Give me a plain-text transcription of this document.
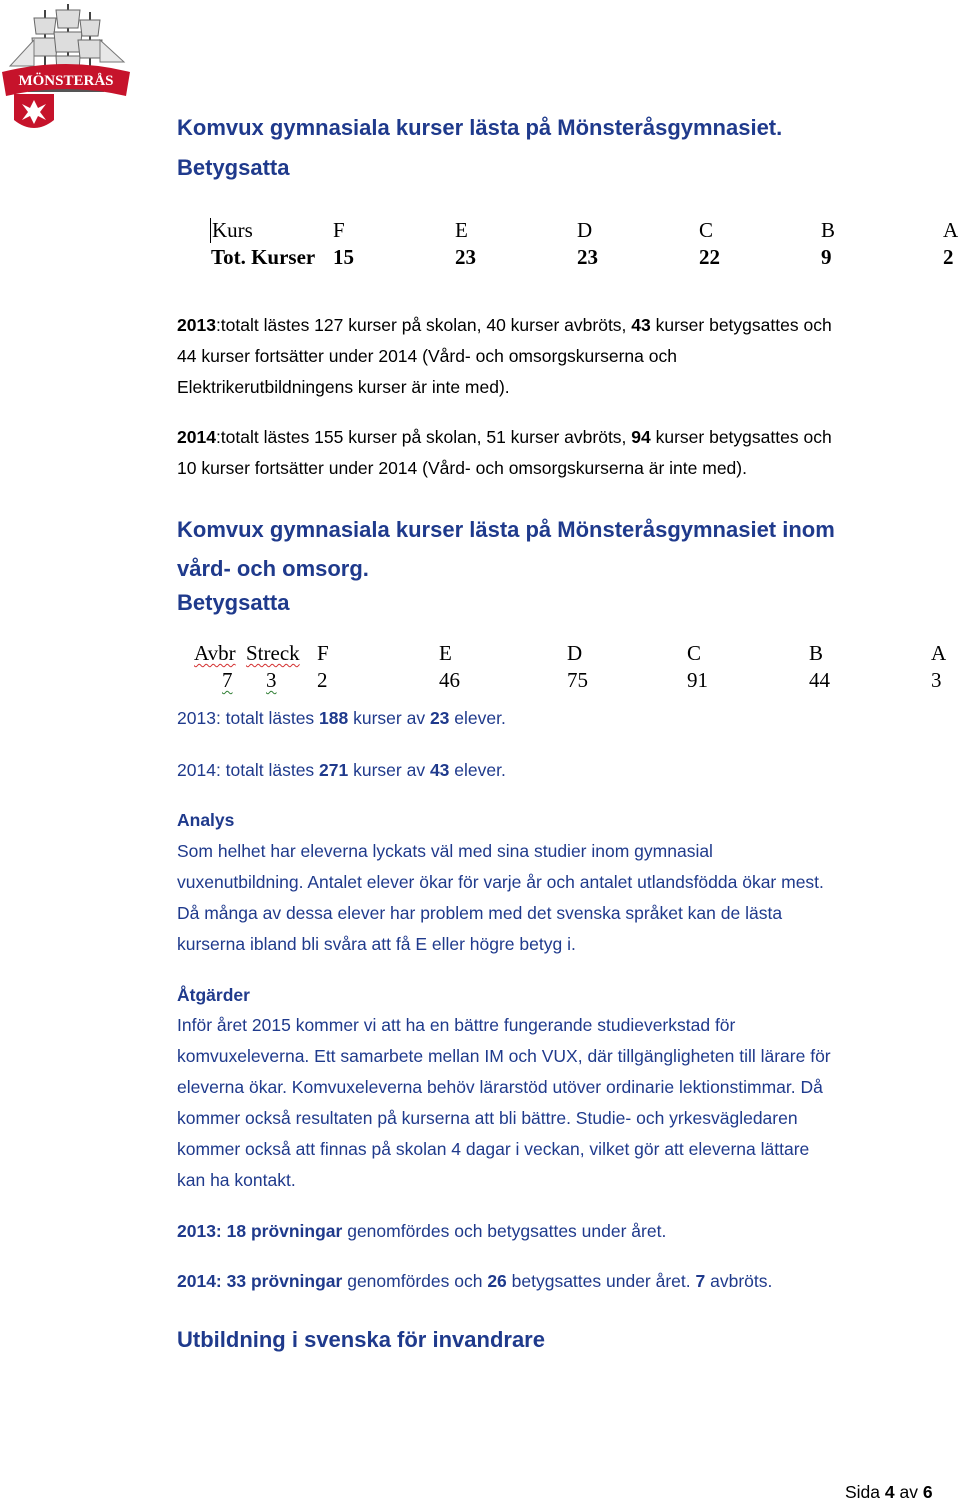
MÖNSTERÅS
Komvux gymnasiala kurser lästa på Mönsteråsgymnasiet.
Betygsatta
Kurs	F	E	D	C	B	A
Tot. Kurser 15	23	23	22	9	2
2013:totalt lästes 127 kurser på skolan, 40 kurser avbröts, 43 kurser betygsattes och
44 kurser fortsätter under 2014 (Vård- och omsorgskurserna och
Elektrikerutbildningens kurser är inte med).
2014:totalt lästes 155 kurser på skolan, 51 kurser avbröts, 94 kurser betygsattes och
10 kurser fortsätter under 2014 (Vård- och omsorgskurserna är inte med).
Komvux gymnasiala kurser lästa på Mönsteråsgymnasiet inom
vård- och omsorg.
Betygsatta
Avbr Streck F	E	D	C	B	A
7 3 2	46	75	91	44	3
2013: totalt lästes 188 kurser av 23 elever.
2014: totalt lästes 271 kurser av 43 elever.
Analys
Som helhet har eleverna lyckats väl med sina studier inom gymnasial
vuxenutbildning. Antalet elever ökar för varje år och antalet utlandsfödda ökar mest.
Då många av dessa elever har problem med det svenska språket kan de lästa
kurserna ibland bli svåra att få E eller högre betyg i.
Åtgärder
Inför året 2015 kommer vi att ha en bättre fungerande studieverkstad för
komvuxeleverna. Ett samarbete mellan IM och VUX, där tillgängligheten till lärare för
eleverna ökar. Komvuxeleverna behöv lärarstöd utöver ordinarie lektionstimmar. Då
kommer också resultaten på kurserna att bli bättre. Studie- och yrkesvägledaren
kommer också att finnas på skolan 4 dagar i veckan, vilket gör att eleverna lättare
kan ha kontakt.
2013: 18 prövningar genomfördes och betygsattes under året.
2014: 33 prövningar genomfördes och 26 betygsattes under året. 7 avbröts.
Utbildning i svenska för invandrare
Sida 4 av 6
